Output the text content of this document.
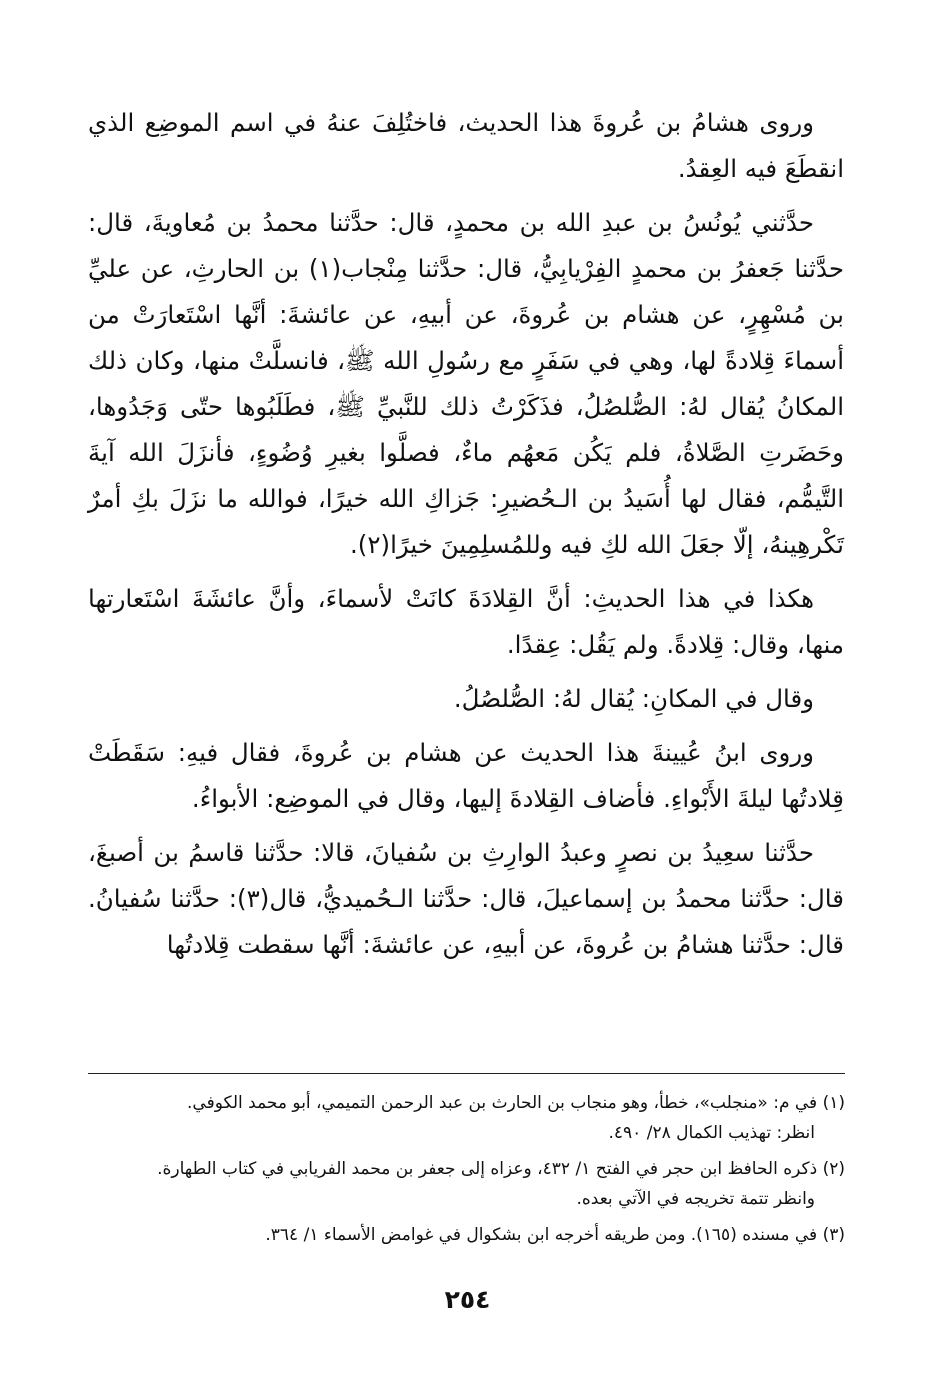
وروى هشامُ بن عُروةَ هذا الحديث، فاختُلِفَ عنهُ في اسم الموضِع الذي انقطَعَ فيه العِقدُ.

حدَّثني يُونُسُ بن عبدِ الله بن محمدٍ، قال: حدَّثنا محمدُ بن مُعاويةَ، قال: حدَّثنا جَعفرُ بن محمدٍ الفِرْيابِيُّ، قال: حدَّثنا مِنْجاب(١) بن الحارثِ، عن عليِّ بن مُسْهِرٍ، عن هشام بن عُروةَ، عن أبيهِ، عن عائشةَ: أنَّها اسْتَعارَتْ من أسماءَ قِلادةً لها، وهي في سَفَرٍ مع رسُولِ الله ﷺ، فانسلَّتْ منها، وكان ذلك المكانُ يُقال لهُ: الصُّلصُلُ، فذَكَرْتُ ذلك للنَّبيِّ ﷺ، فطَلَبُوها حتّى وَجَدُوها، وحَضَرتِ الصَّلاةُ، فلم يَكُن مَعهُم ماءٌ، فصلَّوا بغيرِ وُضُوءٍ، فأنزَلَ الله آيةَ التَّيمُّم، فقال لها أُسَيدُ بن الـحُضيرِ: جَزاكِ الله خيرًا، فوالله ما نزَلَ بكِ أمرٌ تَكْرهِينهُ، إلّا جعَلَ الله لكِ فيه وللمُسلِمِينَ خيرًا(٢).

هكذا في هذا الحديثِ: أنَّ القِلادَةَ كانَتْ لأسماءَ، وأنَّ عائشَةَ اسْتَعارتها منها، وقال: قِلادةً. ولم يَقُل: عِقدًا.

وقال في المكانِ: يُقال لهُ: الصُّلصُلُ.

وروى ابنُ عُيينةَ هذا الحديث عن هشام بن عُروةَ، فقال فيهِ: سَقَطَتْ قِلادتُها ليلةَ الأَبْواءِ. فأضاف القِلادةَ إليها، وقال في الموضِع: الأبواءُ.

حدَّثنا سعِيدُ بن نصرٍ وعبدُ الوارِثِ بن سُفيانَ، قالا: حدَّثنا قاسمُ بن أصبغَ، قال: حدَّثنا محمدُ بن إسماعيلَ، قال: حدَّثنا الـحُميديُّ، قال(٣): حدَّثنا سُفيانُ. قال: حدَّثنا هشامُ بن عُروةَ، عن أبيهِ، عن عائشةَ: أنَّها سقطت قِلادتُها

(١) في م: «منجلب»، خطأ، وهو منجاب بن الحارث بن عبد الرحمن التميمي، أبو محمد الكوفي.
انظر: تهذيب الكمال ٢٨/ ٤٩٠.
(٢) ذكره الحافظ ابن حجر في الفتح ١/ ٤٣٢، وعزاه إلى جعفر بن محمد الفريابي في كتاب الطهارة.
وانظر تتمة تخريجه في الآتي بعده.
(٣) في مسنده (١٦٥). ومن طريقه أخرجه ابن بشكوال في غوامض الأسماء ١/ ٣٦٤.
٢٥٤
